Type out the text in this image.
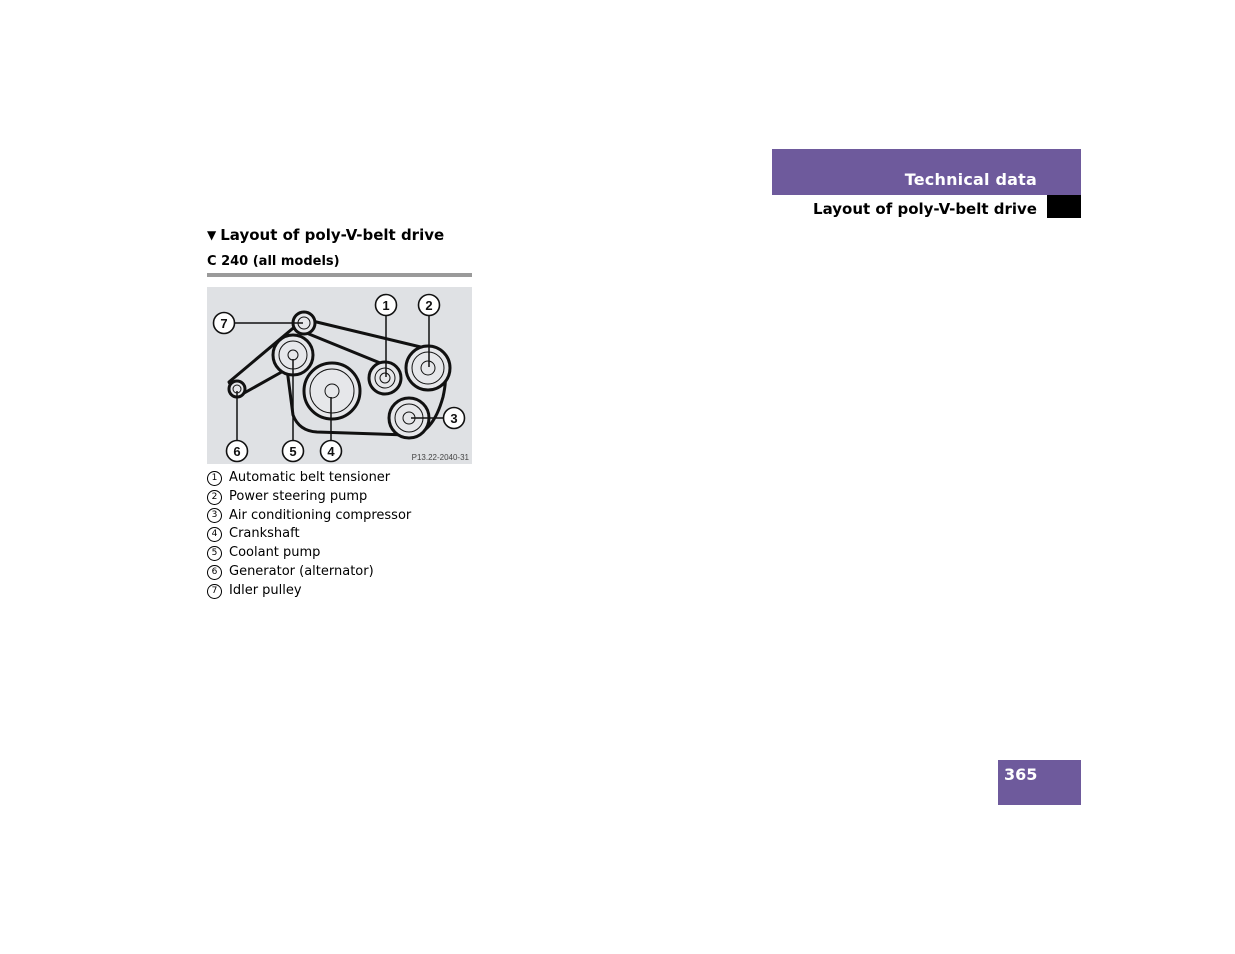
Technical data
Layout of poly-V-belt drive
▼ Layout of poly-V-belt drive
C 240 (all models)
1	2
3
4
5
6
7
P13.22-2040-31
1 Automatic belt tensioner
2 Power steering pump
3 Air conditioning compressor
4 Crankshaft
5 Coolant pump
6 Generator (alternator)
7 Idler pulley
365
